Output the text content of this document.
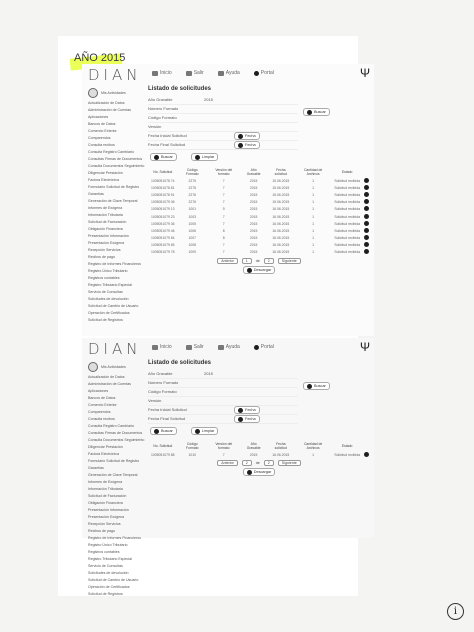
AÑO 2015
DIAN	Inicio	Salir	Ayuda	Portal	Ψ
Mis Actividades
Actualización de Datos
Administración de Cuentas
Aplicaciones
Bancos de Datos
Comercio Exterior
Comparendos
Consulta recibos
Consulta Registro Cambiario
Consultas Firmas de Documentos
Consulta Documentos Seguimiento
Diligenciar Prestación
Factura Electrónica
Formulario Solicitud de Registro
Garantías
Generación de Clave Temporal
Informes de Exógena
Información Tributaria
Solicitud de Facturación
Obligación Financiera
Presentación Información
Presentación Exógena
Recepción Servicios
Recibos de pago
Registro de Informes Financieros
Registro Único Tributario
Registros contables
Registro Tributario Especial
Servicio de Consultas
Solicitudes de devolución
Solicitud de Cambio de Usuario
Operación de Certificados
Solicitud de Registros
Listado de solicitudes
Año Gravable	2015
Número Formato
Código Formato
Versión
Fecha Inicial Solicitud	Fecha
Fecha Final Solicitud	Fecha
Buscar
Buscar	Limpiar
No. Solicitud	Código Formato	Versión del formato	Año Gravable	Fecha solicitud	Cantidad de Archivos	Estado	
1005051078 74	2275	7	2015	15.06.2015	1	Solicitud recibida	
1005051078 81	2275	7	2015	15.06.2015	1	Solicitud recibida	
1005051078 91	2276	7	2015	15.06.2015	1	Solicitud recibida	
1005051079 06	2276	7	2015	15.06.2015	1	Solicitud recibida	
1005051079 13	1001	9	2015	16.06.2015	1	Solicitud recibida	
1005051079 23	1003	7	2015	16.06.2015	1	Solicitud recibida	
1005051079 36	1005	7	2015	16.06.2015	1	Solicitud recibida	
1005051079 46	1006	8	2015	16.06.2015	1	Solicitud recibida	
1005051079 54	1007	8	2015	16.06.2015	1	Solicitud recibida	
1005051079 65	1008	7	2015	16.06.2015	1	Solicitud recibida	
1005051079 78	1009	7	2015	16.06.2015	1	Solicitud recibida	
Anterior	1	de	2	Siguiente
Descargar
DIAN	Inicio	Salir	Ayuda	Portal	Ψ
Mis Actividades
Actualización de Datos
Administración de Cuentas
Aplicaciones
Bancos de Datos
Comercio Exterior
Comparendos
Consulta recibos
Consulta Registro Cambiario
Consultas Firmas de Documentos
Consulta Documentos Seguimiento
Diligenciar Prestación
Factura Electrónica
Formulario Solicitud de Registro
Garantías
Generación de Clave Temporal
Informes de Exógena
Información Tributaria
Solicitud de Facturación
Obligación Financiera
Presentación Información
Presentación Exógena
Recepción Servicios
Recibos de pago
Registro de Informes Financieros
Registro Único Tributario
Registros contables
Registro Tributario Especial
Servicio de Consultas
Solicitudes de devolución
Solicitud de Cambio de Usuario
Operación de Certificados
Solicitud de Registros
Listado de solicitudes
Año Gravable	2015
Número Formato
Código Formato
Versión
Fecha Inicial Solicitud	Fecha
Fecha Final Solicitud	Fecha
Buscar
Buscar	Limpiar
No. Solicitud	Código Formato	Versión del formato	Año Gravable	Fecha solicitud	Cantidad de Archivos	Estado	
1005051079 88	1010	7	2015	16.06.2015	1	Solicitud recibida	
Anterior	2	de	2	Siguiente
Descargar
i
